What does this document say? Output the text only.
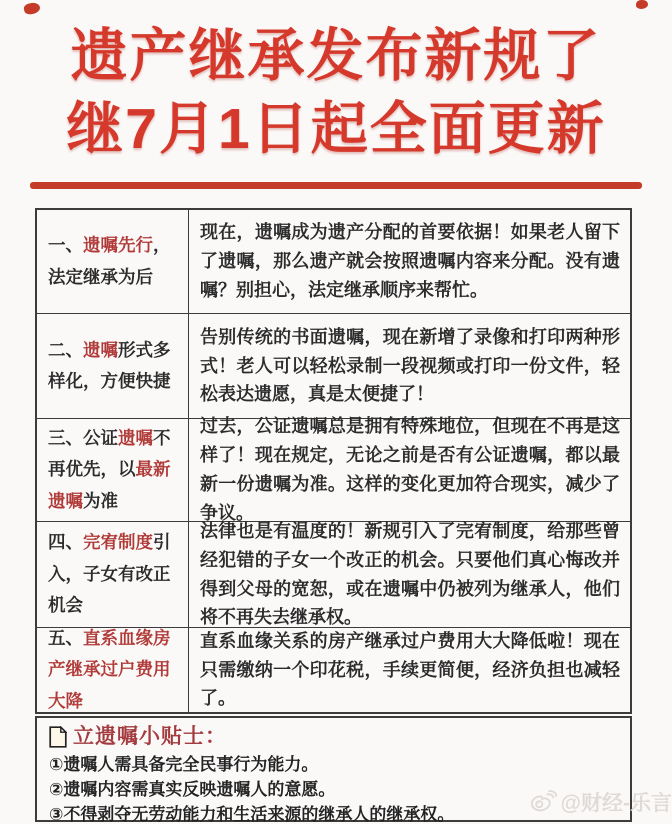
遗产继承发布新规了
继7月1日起全面更新
一、遗嘱先行，法定继承为后
现在，遗嘱成为遗产分配的首要依据！如果老人留下了遗嘱，那么遗产就会按照遗嘱内容来分配。没有遗嘱？别担心，法定继承顺序来帮忙。
二、遗嘱形式多样化，方便快捷
告别传统的书面遗嘱，现在新增了录像和打印两种形式！老人可以轻松录制一段视频或打印一份文件，轻松表达遗愿，真是太便捷了！
三、公证遗嘱不再优先，以最新遗嘱为准
过去，公证遗嘱总是拥有特殊地位，但现在不再是这样了！现在规定，无论之前是否有公证遗嘱，都以最新一份遗嘱为准。这样的变化更加符合现实，减少了争议。
四、完宥制度引入，子女有改正机会
法律也是有温度的！新规引入了完宥制度，给那些曾经犯错的子女一个改正的机会。只要他们真心悔改并得到父母的宽恕，或在遗嘱中仍被列为继承人，他们将不再失去继承权。
五、直系血缘房产继承过户费用大降
直系血缘关系的房产继承过户费用大大降低啦！现在只需缴纳一个印花税，手续更简便，经济负担也减轻了。
立遗嘱小贴士：
①遗嘱人需具备完全民事行为能力。
②遗嘱内容需真实反映遗嘱人的意愿。
③不得剥夺无劳动能力和生活来源的继承人的继承权。	@财经-乐言
